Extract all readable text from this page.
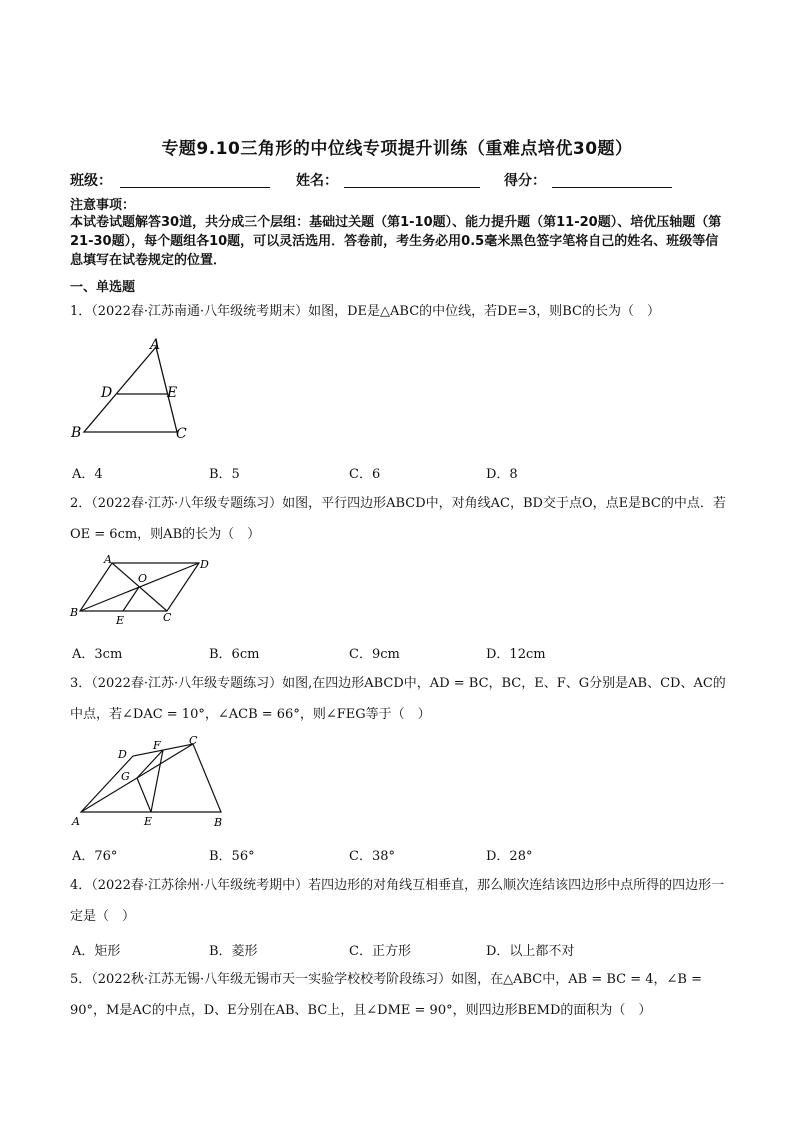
专题9.10三角形的中位线专项提升训练（重难点培优30题）
班级：	姓名：	得分：
注意事项：
本试卷试题解答30道，共分成三个层组：基础过关题（第1-10题）、能力提升题（第11-20题）、培优压轴题（第21-30题），每个题组各10题，可以灵活选用．答卷前，考生务必用0.5毫米黑色签字笔将自己的姓名、班级等信息填写在试卷规定的位置．
一、单选题
1．（2022春·江苏南通·八年级统考期末）如图，DE是△ABC的中位线，若DE=3，则BC的长为（　）
A
D	E
B	C
A．4	B．5	C．6	D．8
2．（2022春·江苏·八年级专题练习）如图，平行四边形ABCD中，对角线AC，BD交于点O，点E是BC的中点．若OE = 6cm，则AB的长为（　）
A	D
O
B
E	C
A．3cm	B．6cm	C．9cm	D．12cm
3．（2022春·江苏·八年级专题练习）如图,在四边形ABCD中，AD = BC，BC，E、F、G分别是AB、CD、AC的中点，若∠DAC = 10°，∠ACB = 66°，则∠FEG等于（　）
D
F	C
G
A	E	B
A．76°	B．56°	C．38°	D．28°
4．（2022春·江苏徐州·八年级统考期中）若四边形的对角线互相垂直，那么顺次连结该四边形中点所得的四边形一定是（　）
A．矩形	B．菱形	C．正方形	D．以上都不对
5．（2022秋·江苏无锡·八年级无锡市天一实验学校校考阶段练习）如图，在△ABC中，AB = BC = 4，∠B = 90°，M是AC的中点，D、E分别在AB、BC上，且∠DME = 90°，则四边形BEMD的面积为（　）
